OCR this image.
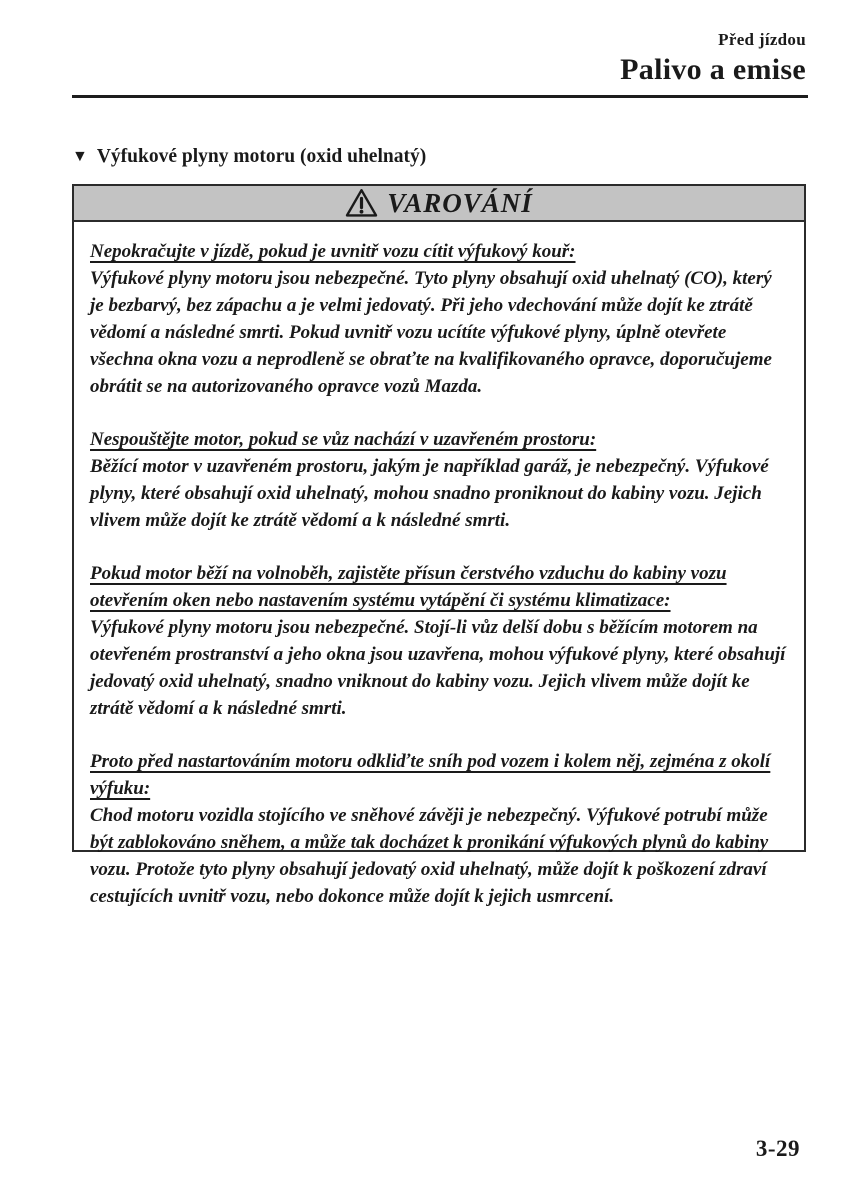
Před jízdou
Palivo a emise
▼ Výfukové plyny motoru (oxid uhelnatý)
VAROVÁNÍ
Nepokračujte v jízdě, pokud je uvnitř vozu cítit výfukový kouř:
Výfukové plyny motoru jsou nebezpečné. Tyto plyny obsahují oxid uhelnatý (CO), který je bezbarvý, bez zápachu a je velmi jedovatý. Při jeho vdechování může dojít ke ztrátě vědomí a následné smrti. Pokud uvnitř vozu ucítíte výfukové plyny, úplně otevřete všechna okna vozu a neprodleně se obraťte na kvalifikovaného opravce, doporučujeme obrátit se na autorizovaného opravce vozů Mazda.
Nespouštějte motor, pokud se vůz nachází v uzavřeném prostoru:
Běžící motor v uzavřeném prostoru, jakým je například garáž, je nebezpečný. Výfukové plyny, které obsahují oxid uhelnatý, mohou snadno proniknout do kabiny vozu. Jejich vlivem může dojít ke ztrátě vědomí a k následné smrti.
Pokud motor běží na volnoběh, zajistěte přísun čerstvého vzduchu do kabiny vozu otevřením oken nebo nastavením systému vytápění či systému klimatizace:
Výfukové plyny motoru jsou nebezpečné. Stojí-li vůz delší dobu s běžícím motorem na otevřeném prostranství a jeho okna jsou uzavřena, mohou výfukové plyny, které obsahují jedovatý oxid uhelnatý, snadno vniknout do kabiny vozu. Jejich vlivem může dojít ke ztrátě vědomí a k následné smrti.
Proto před nastartováním motoru odkliďte sníh pod vozem i kolem něj, zejména z okolí výfuku:
Chod motoru vozidla stojícího ve sněhové závěji je nebezpečný. Výfukové potrubí může být zablokováno sněhem, a může tak docházet k pronikání výfukových plynů do kabiny vozu. Protože tyto plyny obsahují jedovatý oxid uhelnatý, může dojít k poškození zdraví cestujících uvnitř vozu, nebo dokonce může dojít k jejich usmrcení.
3-29
